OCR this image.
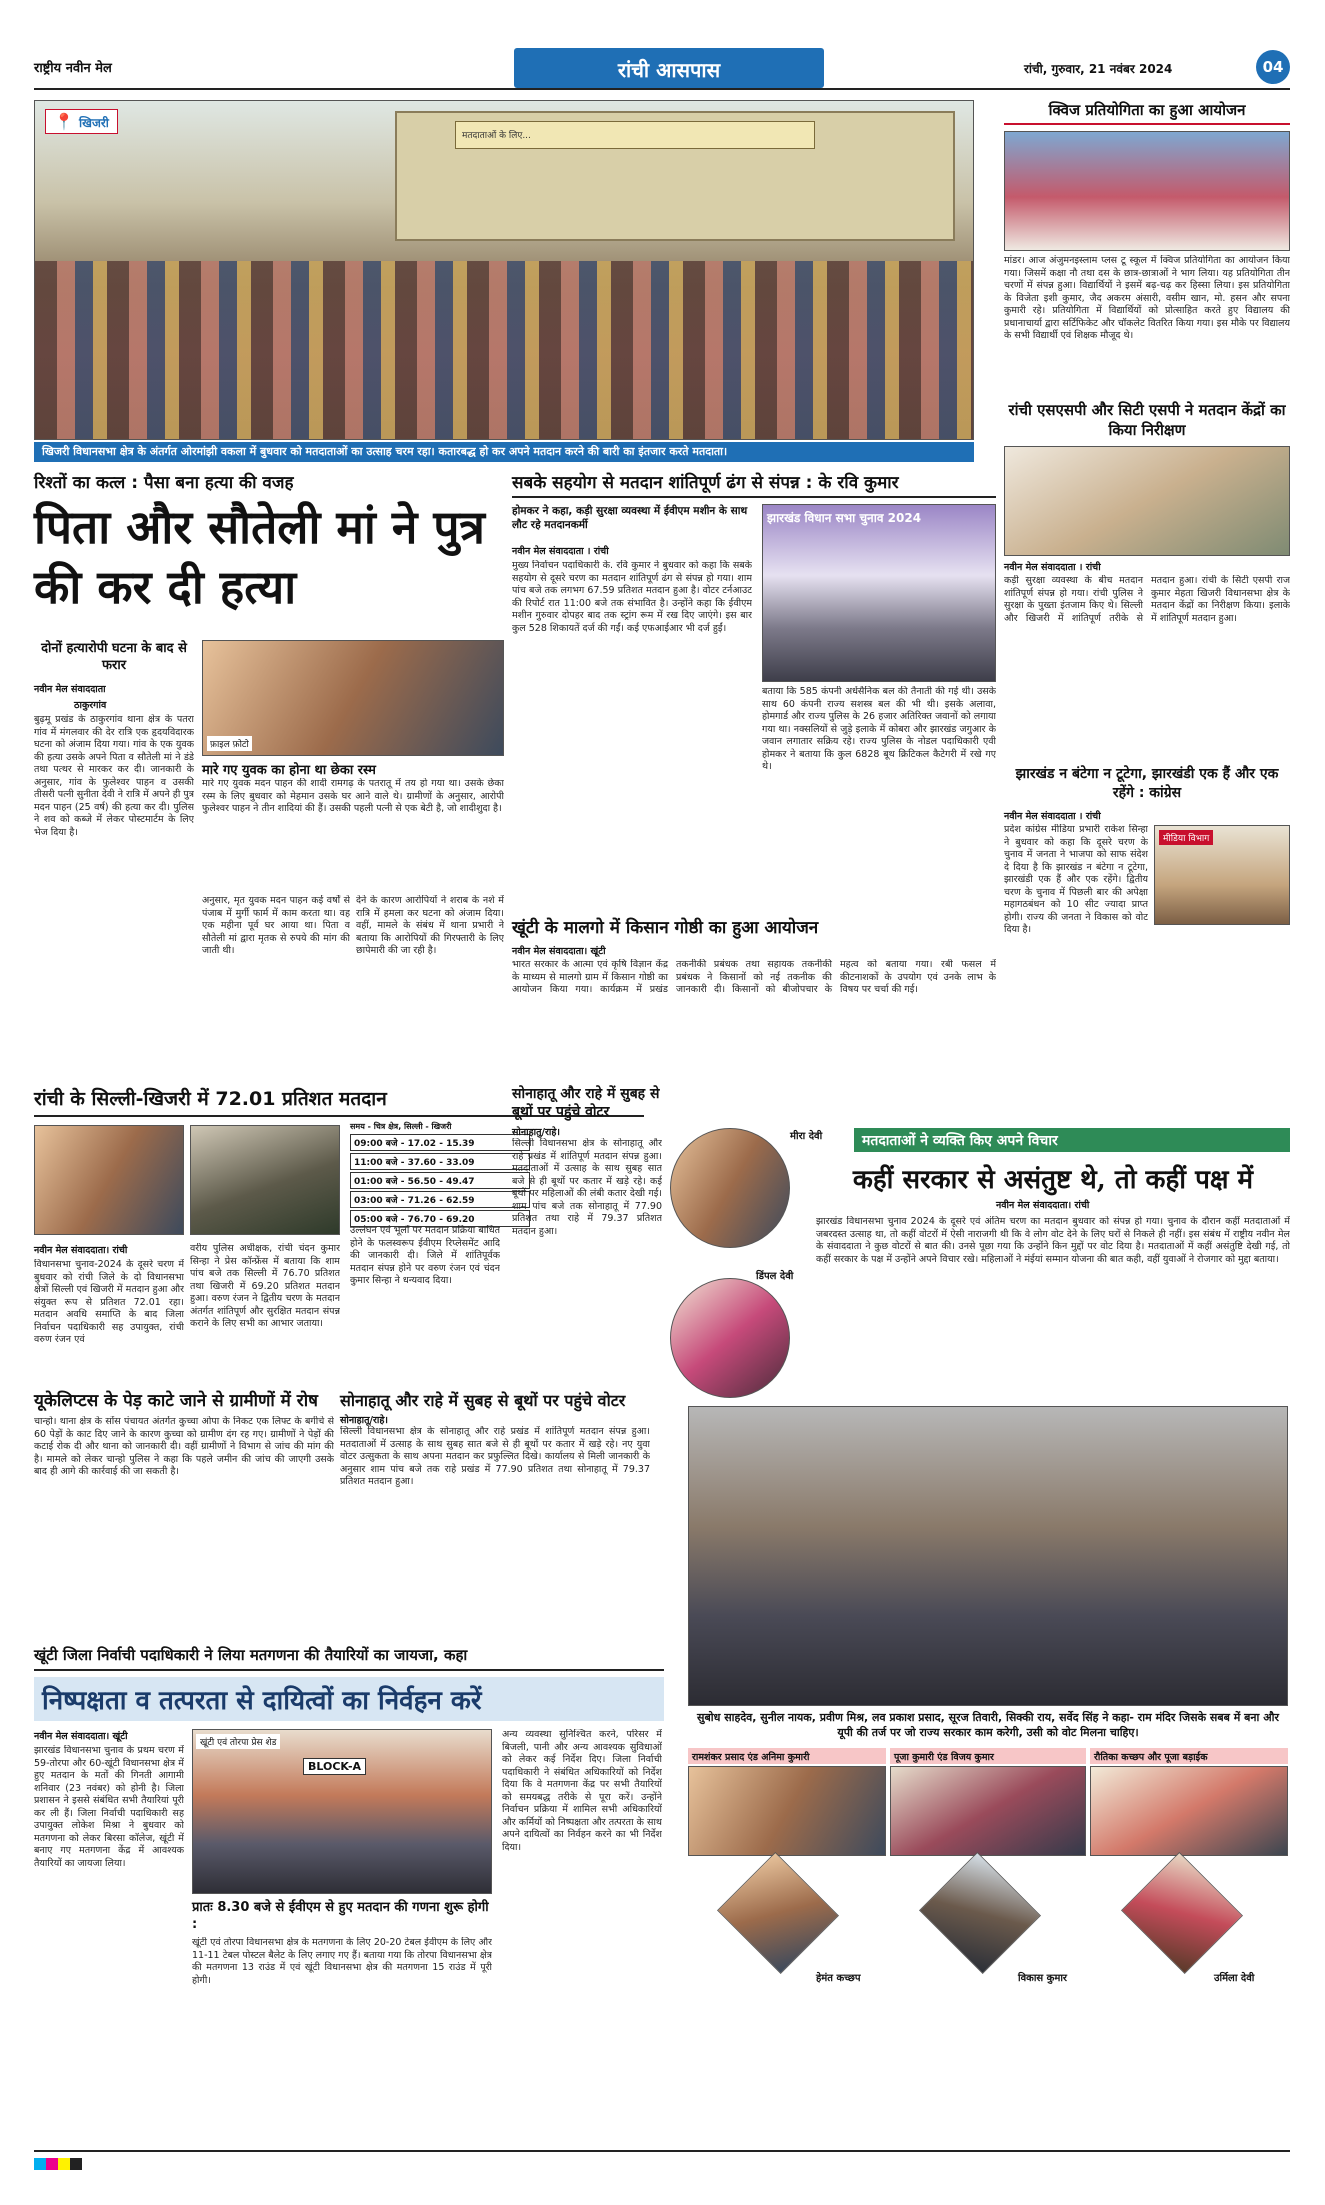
राष्ट्रीय नवीन मेल	रांची आसपास	रांची, गुरुवार, 21 नवंबर 2024	04
मतदाताओं के लिए...
📍 खिजरी
खिजरी विधानसभा क्षेत्र के अंतर्गत ओरमांझी वकला में बुधवार को मतदाताओं का उत्साह चरम रहा। कतारबद्ध हो कर अपने मतदान करने की बारी का इंतजार करते मतदाता।
क्विज प्रतियोगिता का हुआ आयोजन
मांडर। आज अंजुमनइस्लाम प्लस टू स्कूल में क्विज प्रतियोगिता का आयोजन किया गया। जिसमें कक्षा नौ तथा दस के छात्र-छात्राओं ने भाग लिया। यह प्रतियोगिता तीन चरणों में संपन्न हुआ। विद्यार्थियों ने इसमें बढ़-चढ़ कर हिस्सा लिया। इस प्रतियोगिता के विजेता इशी कुमार, जैद अकरम अंसारी, वसीम खान, मो. हसन और सपना कुमारी रहे। प्रतियोगिता में विद्यार्थियों को प्रोत्साहित करते हुए विद्यालय की प्रधानाचार्या द्वारा सर्टिफिकेट और चॉकलेट वितरित किया गया। इस मौके पर विद्यालय के सभी विद्यार्थी एवं शिक्षक मौजूद थे।
रांची एसएसपी और सिटी एसपी ने मतदान केंद्रों का किया निरीक्षण
नवीन मेल संवाददाता । रांची
कड़ी सुरक्षा व्यवस्था के बीच मतदान शांतिपूर्ण संपन्न हो गया। रांची पुलिस ने सुरक्षा के पुख्ता इंतजाम किए थे। सिल्ली और खिजरी में शांतिपूर्ण तरीके से मतदान हुआ। रांची के सिटी एसपी राज कुमार मेहता खिजरी विधानसभा क्षेत्र के मतदान केंद्रों का निरीक्षण किया। इलाके में शांतिपूर्ण मतदान हुआ।
झारखंड न बंटेगा न टूटेगा, झारखंडी एक हैं और एक रहेंगे : कांग्रेस
नवीन मेल संवाददाता । रांची
मीडिया विभाग
प्रदेश कांग्रेस मीडिया प्रभारी राकेश सिन्हा ने बुधवार को कहा कि दूसरे चरण के चुनाव में जनता ने भाजपा को साफ संदेश दे दिया है कि झारखंड न बंटेगा न टूटेगा, झारखंडी एक हैं और एक रहेंगे। द्वितीय चरण के चुनाव में पिछली बार की अपेक्षा महागठबंधन को 10 सीट ज्यादा प्राप्त होगी। राज्य की जनता ने विकास को वोट दिया है।
रिश्तों का कत्ल : पैसा बना हत्या की वजह
पिता और सौतेली मां ने पुत्र की कर दी हत्या
दोनों हत्यारोपी घटना के बाद से फरार
नवीन मेल संवाददाता
ठाकुरगांव
बुढ़मू प्रखंड के ठाकुरगांव थाना क्षेत्र के पतरा गांव में मंगलवार की देर रात्रि एक हृदयविदारक घटना को अंजाम दिया गया। गांव के एक युवक की हत्या उसके अपने पिता व सौतेली मां ने डंडे तथा पत्थर से मारकर कर दी। जानकारी के अनुसार, गांव के फुलेश्वर पाहन व उसकी तीसरी पत्नी सुनीता देवी ने रात्रि में अपने ही पुत्र मदन पाहन (25 वर्ष) की हत्या कर दी। पुलिस ने शव को कब्जे में लेकर पोस्टमार्टम के लिए भेज दिया है।
फ़ाइल फ़ोटो
मारे गए युवक का होना था छेका रस्म
मारे गए युवक मदन पाहन की शादी रामगढ़ के पतरातू में तय हो गया था। उसके छेका रस्म के लिए बुधवार को मेहमान उसके घर आने वाले थे। ग्रामीणों के अनुसार, आरोपी फुलेश्वर पाहन ने तीन शादियां की हैं। उसकी पहली पत्नी से एक बेटी है, जो शादीशुदा है।
अनुसार, मृत युवक मदन पाहन कई वर्षों से पंजाब में मुर्गी फार्म में काम करता था। वह एक महीना पूर्व घर आया था। पिता व सौतेली मां द्वारा मृतक से रुपये की मांग की जाती थी।
देने के कारण आरोपियों ने शराब के नशे में रात्रि में हमला कर घटना को अंजाम दिया। वहीं, मामले के संबंध में थाना प्रभारी ने बताया कि आरोपियों की गिरफ्तारी के लिए छापेमारी की जा रही है।
सबके सहयोग से मतदान शांतिपूर्ण ढंग से संपन्न : के रवि कुमार
होमकर ने कहा, कड़ी सुरक्षा व्यवस्था में ईवीएम मशीन के साथ लौट रहे मतदानकर्मी
नवीन मेल संवाददाता । रांची
मुख्य निर्वाचन पदाधिकारी के. रवि कुमार ने बुधवार को कहा कि सबके सहयोग से दूसरे चरण का मतदान शांतिपूर्ण ढंग से संपन्न हो गया। शाम पांच बजे तक लगभग 67.59 प्रतिशत मतदान हुआ है। वोटर टर्नआउट की रिपोर्ट रात 11:00 बजे तक संभावित है। उन्होंने कहा कि ईवीएम मशीन गुरुवार दोपहर बाद तक स्ट्रांग रूम में रख दिए जाएंगे। इस बार कुल 528 शिकायतें दर्ज की गईं। कई एफआईआर भी दर्ज हुईं।
झारखंड विधान सभा चुनाव 2024
बताया कि 585 कंपनी अर्धसैनिक बल की तैनाती की गई थी। उसके साथ 60 कंपनी राज्य सशस्त्र बल की भी थी। इसके अलावा, होमगार्ड और राज्य पुलिस के 26 हजार अतिरिक्त जवानों को लगाया गया था। नक्सलियों से जुड़े इलाके में कोबरा और झारखंड जगुआर के जवान लगातार सक्रिय रहे। राज्य पुलिस के नोडल पदाधिकारी एवी होमकर ने बताया कि कुल 6828 बूथ क्रिटिकल कैटेगरी में रखे गए थे।
खूंटी के मालगो में किसान गोष्ठी का हुआ आयोजन
नवीन मेल संवाददाता। खूंटी
भारत सरकार के आत्मा एवं कृषि विज्ञान केंद्र के माध्यम से मालगो ग्राम में किसान गोष्ठी का आयोजन किया गया। कार्यक्रम में प्रखंड तकनीकी प्रबंधक तथा सहायक तकनीकी प्रबंधक ने किसानों को नई तकनीक की जानकारी दी। किसानों को बीजोपचार के महत्व को बताया गया। रबी फसल में कीटनाशकों के उपयोग एवं उनके लाभ के विषय पर चर्चा की गई।
रांची के सिल्ली-खिजरी में 72.01 प्रतिशत मतदान
समय - चित्र क्षेत्र, सिल्ली - खिजरी
09:00 बजे - 17.02 - 15.39
11:00 बजे - 37.60 - 33.09
01:00 बजे - 56.50 - 49.47
03:00 बजे - 71.26 - 62.59
05:00 बजे - 76.70 - 69.20
नवीन मेल संवाददाता। रांची
विधानसभा चुनाव-2024 के दूसरे चरण में बुधवार को रांची जिले के दो विधानसभा क्षेत्रों सिल्ली एवं खिजरी में मतदान हुआ और संयुक्त रूप से प्रतिशत 72.01 रहा। मतदान अवधि समाप्ति के बाद जिला निर्वाचन पदाधिकारी सह उपायुक्त, रांची वरुण रंजन एवं
वरीय पुलिस अधीक्षक, रांची चंदन कुमार सिन्हा ने प्रेस कॉन्फ्रेंस में बताया कि शाम पांच बजे तक सिल्ली में 76.70 प्रतिशत तथा खिजरी में 69.20 प्रतिशत मतदान हुआ। वरुण रंजन ने द्वितीय चरण के मतदान अंतर्गत शांतिपूर्ण और सुरक्षित मतदान संपन्न कराने के लिए सभी का आभार जताया।
उल्लंघन एवं भूलों पर मतदान प्रक्रिया बाधित होने के फलस्वरूप ईवीएम रिप्लेसमेंट आदि की जानकारी दी। जिले में शांतिपूर्वक मतदान संपन्न होने पर वरुण रंजन एवं चंदन कुमार सिन्हा ने धन्यवाद दिया।
सोनाहातू और राहे में सुबह से बूथों पर पहुंचे वोटर
सोनाहातु/राहे।
सिल्ली विधानसभा क्षेत्र के सोनाहातू और राहे प्रखंड में शांतिपूर्ण मतदान संपन्न हुआ। मतदाताओं में उत्साह के साथ सुबह सात बजे से ही बूथों पर कतार में खड़े रहे। कई बूथों पर महिलाओं की लंबी कतार देखी गई। शाम पांच बजे तक सोनाहातू में 77.90 प्रतिशत तथा राहे में 79.37 प्रतिशत मतदान हुआ।
यूकेलिप्टस के पेड़ काटे जाने से ग्रामीणों में रोष
चान्हो। थाना क्षेत्र के सोंस पंचायत अंतर्गत कुच्चा ओपा के निकट एक लिफ्ट के बगीचे से 60 पेड़ों के काट दिए जाने के कारण कुच्चा को ग्रामीण दंग रह गए। ग्रामीणों ने पेड़ों की कटाई रोक दी और थाना को जानकारी दी। वहीं ग्रामीणों ने विभाग से जांच की मांग की है। मामले को लेकर चान्हो पुलिस ने कहा कि पहले जमीन की जांच की जाएगी उसके बाद ही आगे की कार्रवाई की जा सकती है।
सोनाहातू और राहे में सुबह से बूथों पर पहुंचे वोटर
सोनाहातू/राहे।
सिल्ली विधानसभा क्षेत्र के सोनाहातू और राहे प्रखंड में शांतिपूर्ण मतदान संपन्न हुआ। मतदाताओं में उत्साह के साथ सुबह सात बजे से ही बूथों पर कतार में खड़े रहे। नए युवा वोटर उत्सुकता के साथ अपना मतदान कर प्रफुल्लित दिखे। कार्यालय से मिली जानकारी के अनुसार शाम पांच बजे तक राहे प्रखंड में 77.90 प्रतिशत तथा सोनाहातू में 79.37 प्रतिशत मतदान हुआ।
मीरा देवी
डिंपल देवी
मतदाताओं ने व्यक्ति किए अपने विचार
कहीं सरकार से असंतुष्ट थे, तो कहीं पक्ष में
नवीन मेल संवाददाता। रांची
झारखंड विधानसभा चुनाव 2024 के दूसरे एवं अंतिम चरण का मतदान बुधवार को संपन्न हो गया। चुनाव के दौरान कहीं मतदाताओं में जबरदस्त उत्साह था, तो कहीं वोटरों में ऐसी नाराजगी थी कि वे लोग वोट देने के लिए घरों से निकले ही नहीं। इस संबंध में राष्ट्रीय नवीन मेल के संवाददाता ने कुछ वोटरों से बात की। उनसे पूछा गया कि उन्होंने किन मुद्दों पर वोट दिया है। मतदाताओं में कहीं असंतुष्टि देखी गई, तो कहीं सरकार के पक्ष में उन्होंने अपने विचार रखे। महिलाओं ने मंईयां सम्मान योजना की बात कही, वहीं युवाओं ने रोजगार को मुद्दा बताया।
सुबोध साहदेव, सुनील नायक, प्रवीण मिश्र, लव प्रकाश प्रसाद, सूरज तिवारी, सिक्की राय, सर्वेद सिंह ने कहा- राम मंदिर जिसके सबब में बना और यूपी की तर्ज पर जो राज्य सरकार काम करेगी, उसी को वोट मिलना चाहिए।
रामशंकर प्रसाद एंड अनिमा कुमारी	पूजा कुमारी एंड विजय कुमार	रौतिका कच्छप और पूजा बड़ाईक
हेमंत कच्छप	विकास कुमार	उर्मिला देवी
खूंटी जिला निर्वाची पदाधिकारी ने लिया मतगणना की तैयारियों का जायजा, कहा
निष्पक्षता व तत्परता से दायित्वों का निर्वहन करें
नवीन मेल संवाददाता। खूंटी
झारखंड विधानसभा चुनाव के प्रथम चरण में 59-तोरपा और 60-खूंटी विधानसभा क्षेत्र में हुए मतदान के मतों की गिनती आगामी शनिवार (23 नवंबर) को होनी है। जिला प्रशासन ने इससे संबंधित सभी तैयारियां पूरी कर ली हैं। जिला निर्वाची पदाधिकारी सह उपायुक्त लोकेश मिश्रा ने बुधवार को मतगणना को लेकर बिरसा कॉलेज, खूंटी में बनाए गए मतगणना केंद्र में आवश्यक तैयारियों का जायजा लिया।
खूंटी एवं तोरपा प्रेस शेड
BLOCK-A
प्रातः 8.30 बजे से ईवीएम से हुए मतदान की गणना शुरू होगी :
खूंटी एवं तोरपा विधानसभा क्षेत्र के मतगणना के लिए 20-20 टेबल ईवीएम के लिए और 11-11 टेबल पोस्टल बैलेट के लिए लगाए गए हैं। बताया गया कि तोरपा विधानसभा क्षेत्र की मतगणना 13 राउंड में एवं खूंटी विधानसभा क्षेत्र की मतगणना 15 राउंड में पूरी होगी।
अन्य व्यवस्था सुनिश्चित करने, परिसर में बिजली, पानी और अन्य आवश्यक सुविधाओं को लेकर कई निर्देश दिए। जिला निर्वाची पदाधिकारी ने संबंधित अधिकारियों को निर्देश दिया कि वे मतगणना केंद्र पर सभी तैयारियों को समयबद्ध तरीके से पूरा करें। उन्होंने निर्वाचन प्रक्रिया में शामिल सभी अधिकारियों और कर्मियों को निष्पक्षता और तत्परता के साथ अपने दायित्वों का निर्वहन करने का भी निर्देश दिया।
